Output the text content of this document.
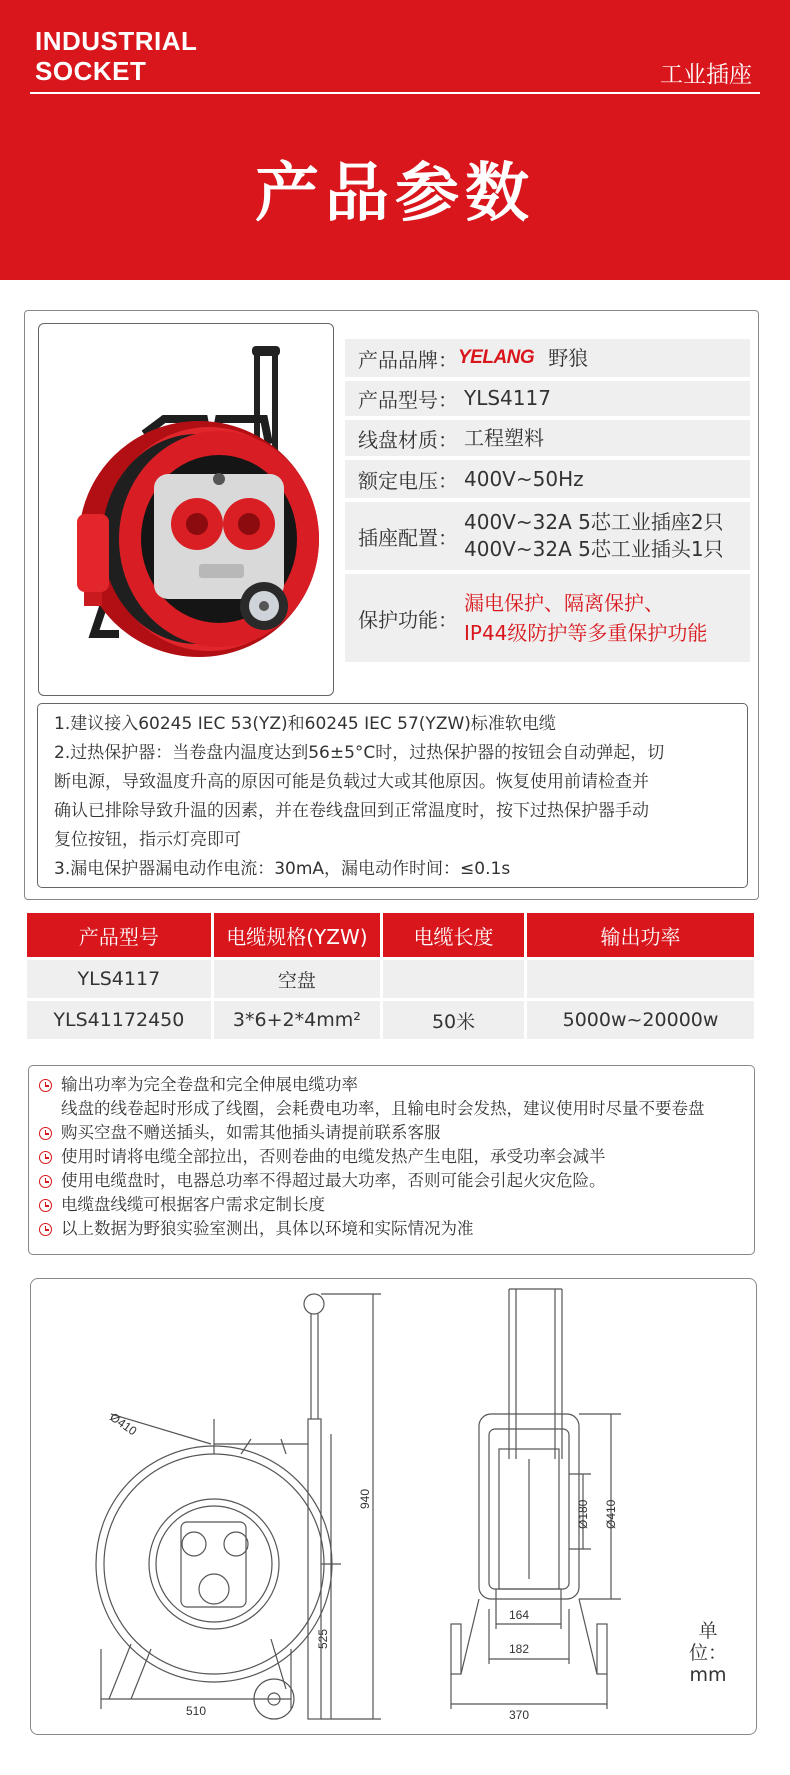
INDUSTRIAL
SOCKET	工业插座
产品参数
产品品牌： YELANG 野狼
产品型号： YLS4117
线盘材质： 工程塑料
额定电压： 400V~50Hz
插座配置：
400V~32A 5芯工业插座2只
400V~32A 5芯工业插头1只
保护功能：
漏电保护、隔离保护、
IP44级防护等多重保护功能
1.建议接入60245 IEC 53(YZ)和60245 IEC 57(YZW)标准软电缆
2.过热保护器：当卷盘内温度达到56±5°C时，过热保护器的按钮会自动弹起，切
断电源，导致温度升高的原因可能是负载过大或其他原因。恢复使用前请检查并
确认已排除导致升温的因素，并在卷线盘回到正常温度时，按下过热保护器手动
复位按钮，指示灯亮即可
3.漏电保护器漏电动作电流：30mA，漏电动作时间：≤0.1s
产品型号	电缆规格(YZW)	电缆长度	输出功率
YLS4117	空盘		
YLS41172450	3*6+2*4mm²	50米	5000w~20000w
输出功率为完全卷盘和完全伸展电缆功率
线盘的线卷起时形成了线圈，会耗费电功率，且输电时会发热，建议使用时尽量不要卷盘
购买空盘不赠送插头，如需其他插头请提前联系客服
使用时请将电缆全部拉出，否则卷曲的电缆发热产生电阻，承受功率会减半
使用电缆盘时，电器总功率不得超过最大功率，否则可能会引起火灾危险。
电缆盘线缆可根据客户需求定制长度
以上数据为野狼实验室测出，具体以环境和实际情况为准
Ø410
940
525
510
Ø180 Ø410
164
182
370
单位：mm
